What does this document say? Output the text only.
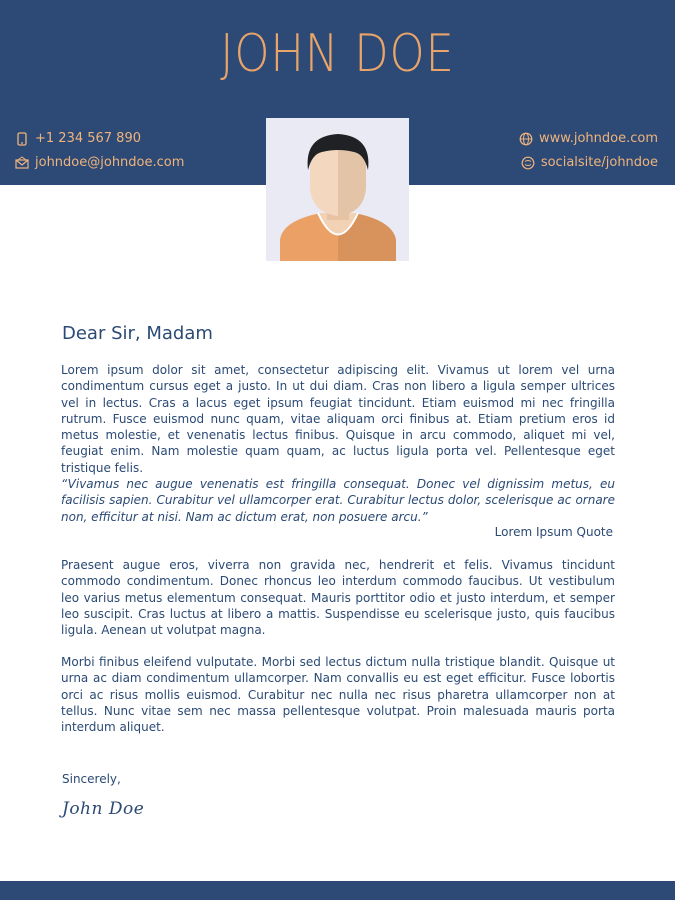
JOHN DOE
+1 234 567 890
johndoe@johndoe.com
www.johndoe.com
socialsite/johndoe
Dear Sir, Madam

Lorem ipsum dolor sit amet, consectetur adipiscing elit. Vivamus ut lorem vel urna condimentum cursus eget a justo. In ut dui diam. Cras non libero a ligula semper ultrices vel in lectus. Cras a lacus eget ipsum feugiat tincidunt. Etiam euismod mi nec fringilla rutrum. Fusce euismod nunc quam, vitae aliquam orci finibus at. Etiam pretium eros id metus molestie, et venenatis lectus finibus. Quisque in arcu commodo, aliquet mi vel, feugiat enim. Nam molestie quam quam, ac luctus ligula porta vel. Pellentesque eget tristique felis.

“Vivamus nec augue venenatis est fringilla consequat. Donec vel dignissim metus, eu facilisis sapien. Curabitur vel ullamcorper erat. Curabitur lectus dolor, scelerisque ac ornare non, efficitur at nisi. Nam ac dictum erat, non posuere arcu.”

Lorem Ipsum Quote

Praesent augue eros, viverra non gravida nec, hendrerit et felis. Vivamus tincidunt commodo condimentum. Donec rhoncus leo interdum commodo faucibus. Ut vestibulum leo varius metus elementum consequat. Mauris porttitor odio et justo interdum, et semper leo suscipit. Cras luctus at libero a mattis. Suspendisse eu scelerisque justo, quis faucibus ligula. Aenean ut volutpat magna.

Morbi finibus eleifend vulputate. Morbi sed lectus dictum nulla tristique blandit. Quisque ut urna ac diam condimentum ullamcorper. Nam convallis eu est eget efficitur. Fusce lobortis orci ac risus mollis euismod. Curabitur nec nulla nec risus pharetra ullamcorper non at tellus. Nunc vitae sem nec massa pellentesque volutpat. Proin malesuada mauris porta interdum aliquet.

Sincerely,
John Doe
